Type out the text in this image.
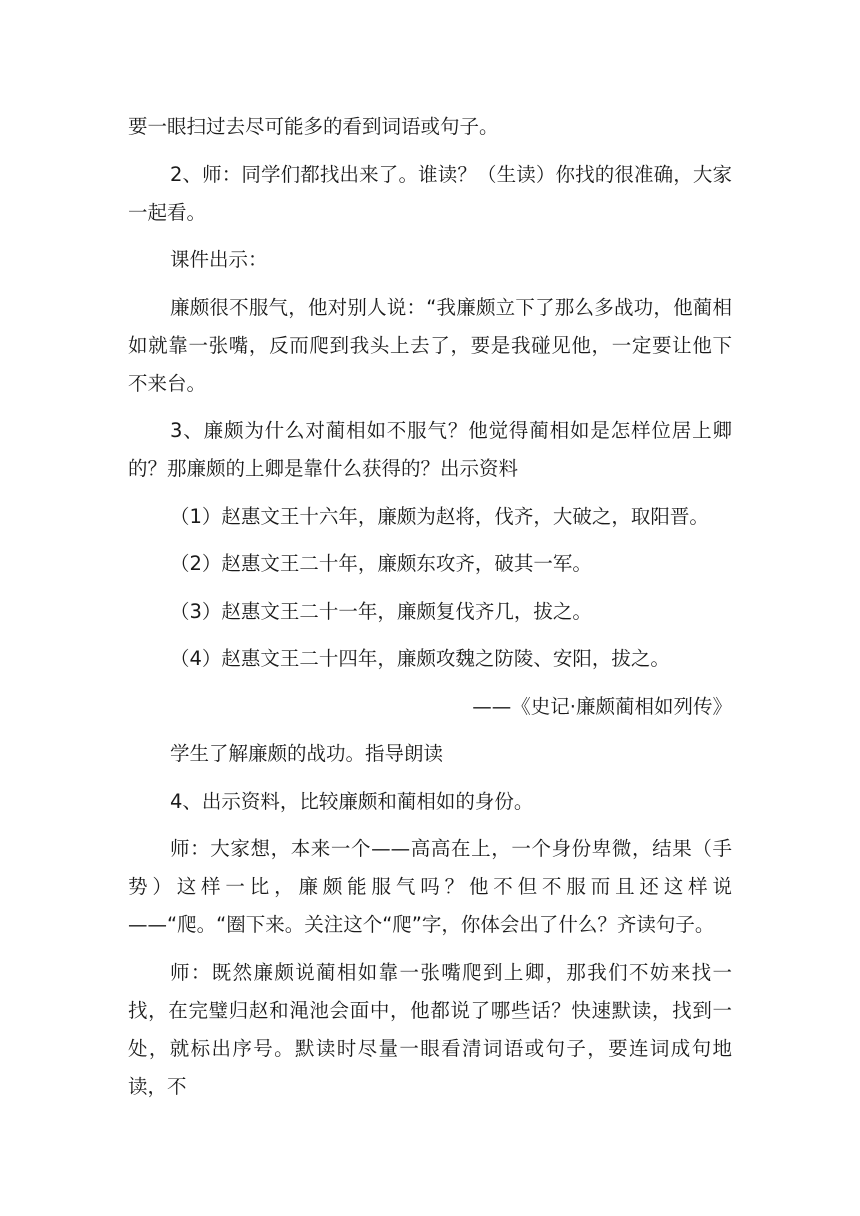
要一眼扫过去尽可能多的看到词语或句子。

2、师：同学们都找出来了。谁读？（生读）你找的很准确，大家一起看。

课件出示：

廉颇很不服气，他对别人说：“我廉颇立下了那么多战功，他蔺相如就靠一张嘴，反而爬到我头上去了，要是我碰见他，一定要让他下不来台。

3、廉颇为什么对蔺相如不服气？他觉得蔺相如是怎样位居上卿的？那廉颇的上卿是靠什么获得的？出示资料

（1）赵惠文王十六年，廉颇为赵将，伐齐，大破之，取阳晋。

（2）赵惠文王二十年，廉颇东攻齐，破其一军。

（3）赵惠文王二十一年，廉颇复伐齐几，拔之。

（4）赵惠文王二十四年，廉颇攻魏之防陵、安阳，拔之。

——《史记·廉颇蔺相如列传》

学生了解廉颇的战功。指导朗读

4、出示资料，比较廉颇和蔺相如的身份。

师：大家想，本来一个——高高在上，一个身份卑微，结果（手势）这样一比，廉颇能服气吗？他不但不服而且还这样说——“爬。“圈下来。关注这个“爬”字，你体会出了什么？齐读句子。

师：既然廉颇说蔺相如靠一张嘴爬到上卿，那我们不妨来找一找，在完璧归赵和渑池会面中，他都说了哪些话？快速默读，找到一处，就标出序号。默读时尽量一眼看清词语或句子，要连词成句地读，不
